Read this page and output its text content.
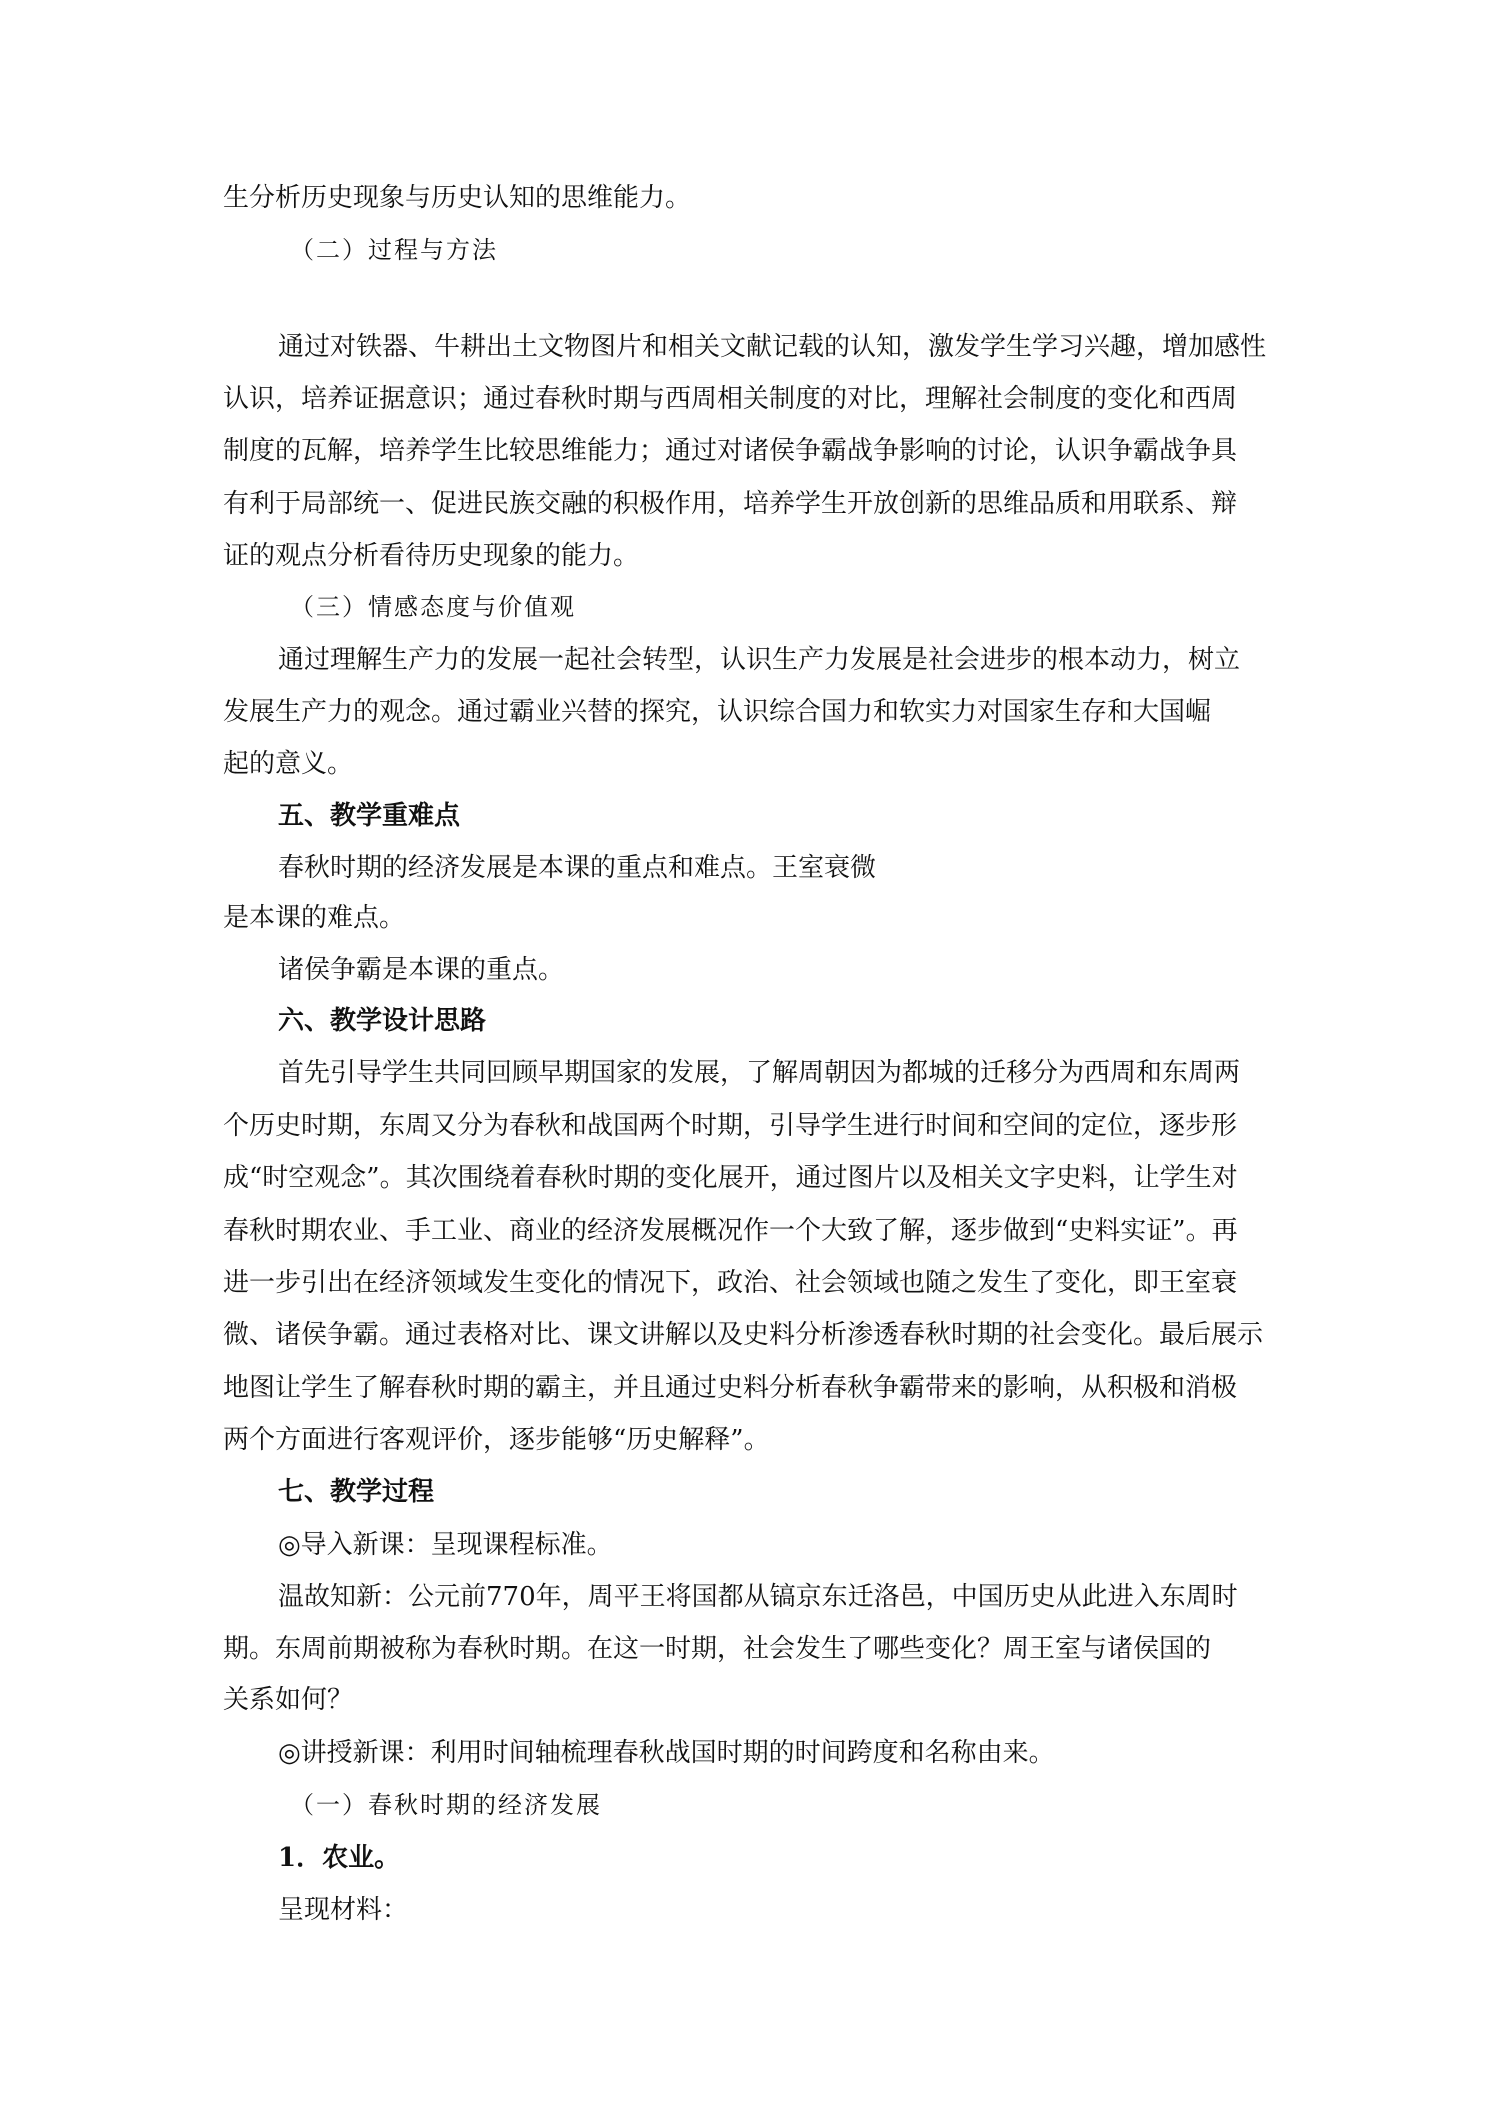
生分析历史现象与历史认知的思维能力。

（二）过程与方法

通过对铁器、牛耕出土文物图片和相关文献记载的认知，激发学生学习兴趣，增加感性

认识，培养证据意识；通过春秋时期与西周相关制度的对比，理解社会制度的变化和西周

制度的瓦解，培养学生比较思维能力；通过对诸侯争霸战争影响的讨论，认识争霸战争具

有利于局部统一、促进民族交融的积极作用，培养学生开放创新的思维品质和用联系、辩

证的观点分析看待历史现象的能力。

（三）情感态度与价值观

通过理解生产力的发展一起社会转型，认识生产力发展是社会进步的根本动力，树立

发展生产力的观念。通过霸业兴替的探究，认识综合国力和软实力对国家生存和大国崛

起的意义。

五、教学重难点

春秋时期的经济发展是本课的重点和难点。王室衰微

是本课的难点。

诸侯争霸是本课的重点。

六、教学设计思路

首先引导学生共同回顾早期国家的发展，了解周朝因为都城的迁移分为西周和东周两

个历史时期，东周又分为春秋和战国两个时期，引导学生进行时间和空间的定位，逐步形

成“时空观念”。其次围绕着春秋时期的变化展开，通过图片以及相关文字史料，让学生对

春秋时期农业、手工业、商业的经济发展概况作一个大致了解，逐步做到“史料实证”。再

进一步引出在经济领域发生变化的情况下，政治、社会领域也随之发生了变化，即王室衰

微、诸侯争霸。通过表格对比、课文讲解以及史料分析渗透春秋时期的社会变化。最后展示

地图让学生了解春秋时期的霸主，并且通过史料分析春秋争霸带来的影响，从积极和消极

两个方面进行客观评价，逐步能够“历史解释”。

七、教学过程

◎导入新课：呈现课程标准。

温故知新：公元前770年，周平王将国都从镐京东迁洛邑，中国历史从此进入东周时

期。东周前期被称为春秋时期。在这一时期，社会发生了哪些变化？周王室与诸侯国的

关系如何？

◎讲授新课：利用时间轴梳理春秋战国时期的时间跨度和名称由来。

（一）春秋时期的经济发展

1．农业。

呈现材料：
